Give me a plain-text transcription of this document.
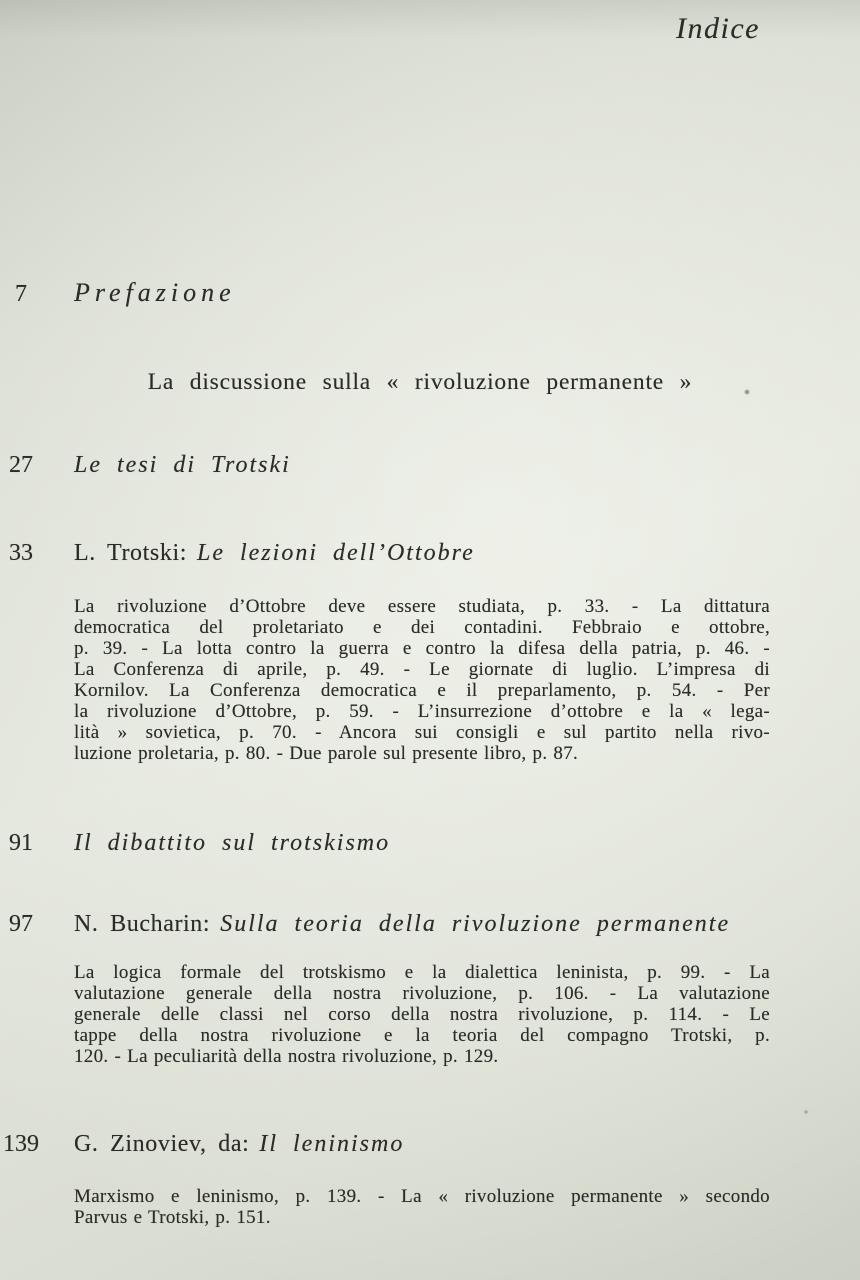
Indice
7 Prefazione
La discussione sulla « rivoluzione permanente »
27 Le tesi di Trotski
33 L. Trotski: Le lezioni dell’Ottobre
La rivoluzione d’Ottobre deve essere studiata, p. 33. - La dittatura
democratica del proletariato e dei contadini. Febbraio e ottobre,
p. 39. - La lotta contro la guerra e contro la difesa della patria, p. 46. -
La Conferenza di aprile, p. 49. - Le giornate di luglio. L’impresa di
Kornilov. La Conferenza democratica e il preparlamento, p. 54. - Per
la rivoluzione d’Ottobre, p. 59. - L’insurrezione d’ottobre e la « lega-
lità » sovietica, p. 70. - Ancora sui consigli e sul partito nella rivo-
luzione proletaria, p. 80. - Due parole sul presente libro, p. 87.
91 Il dibattito sul trotskismo
97 N. Bucharin: Sulla teoria della rivoluzione permanente
La logica formale del trotskismo e la dialettica leninista, p. 99. - La
valutazione generale della nostra rivoluzione, p. 106. - La valutazione
generale delle classi nel corso della nostra rivoluzione, p. 114. - Le
tappe della nostra rivoluzione e la teoria del compagno Trotski, p.
120. - La peculiarità della nostra rivoluzione, p. 129.
139 G. Zinoviev, da: Il leninismo
Marxismo e leninismo, p. 139. - La « rivoluzione permanente » secondo
Parvus e Trotski, p. 151.
